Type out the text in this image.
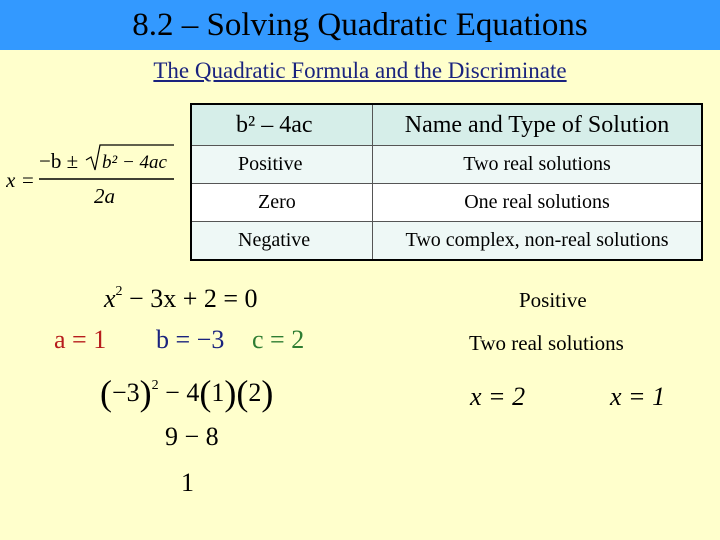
8.2 – Solving Quadratic Equations
The Quadratic Formula and the Discriminate
x =
−b ± b² − 4ac
2a
b² – 4ac	Name and Type of Solution
Positive	Two real solutions
Zero	One real solutions
Negative	Two complex, non-real solutions
$x^2 - 3x + 2 = 0$
a = 1 b = −3 c = 2
$(-3)^2 - 4(1)(2)$
9 − 8
1
Positive
Two real solutions
x = 2	x = 1
